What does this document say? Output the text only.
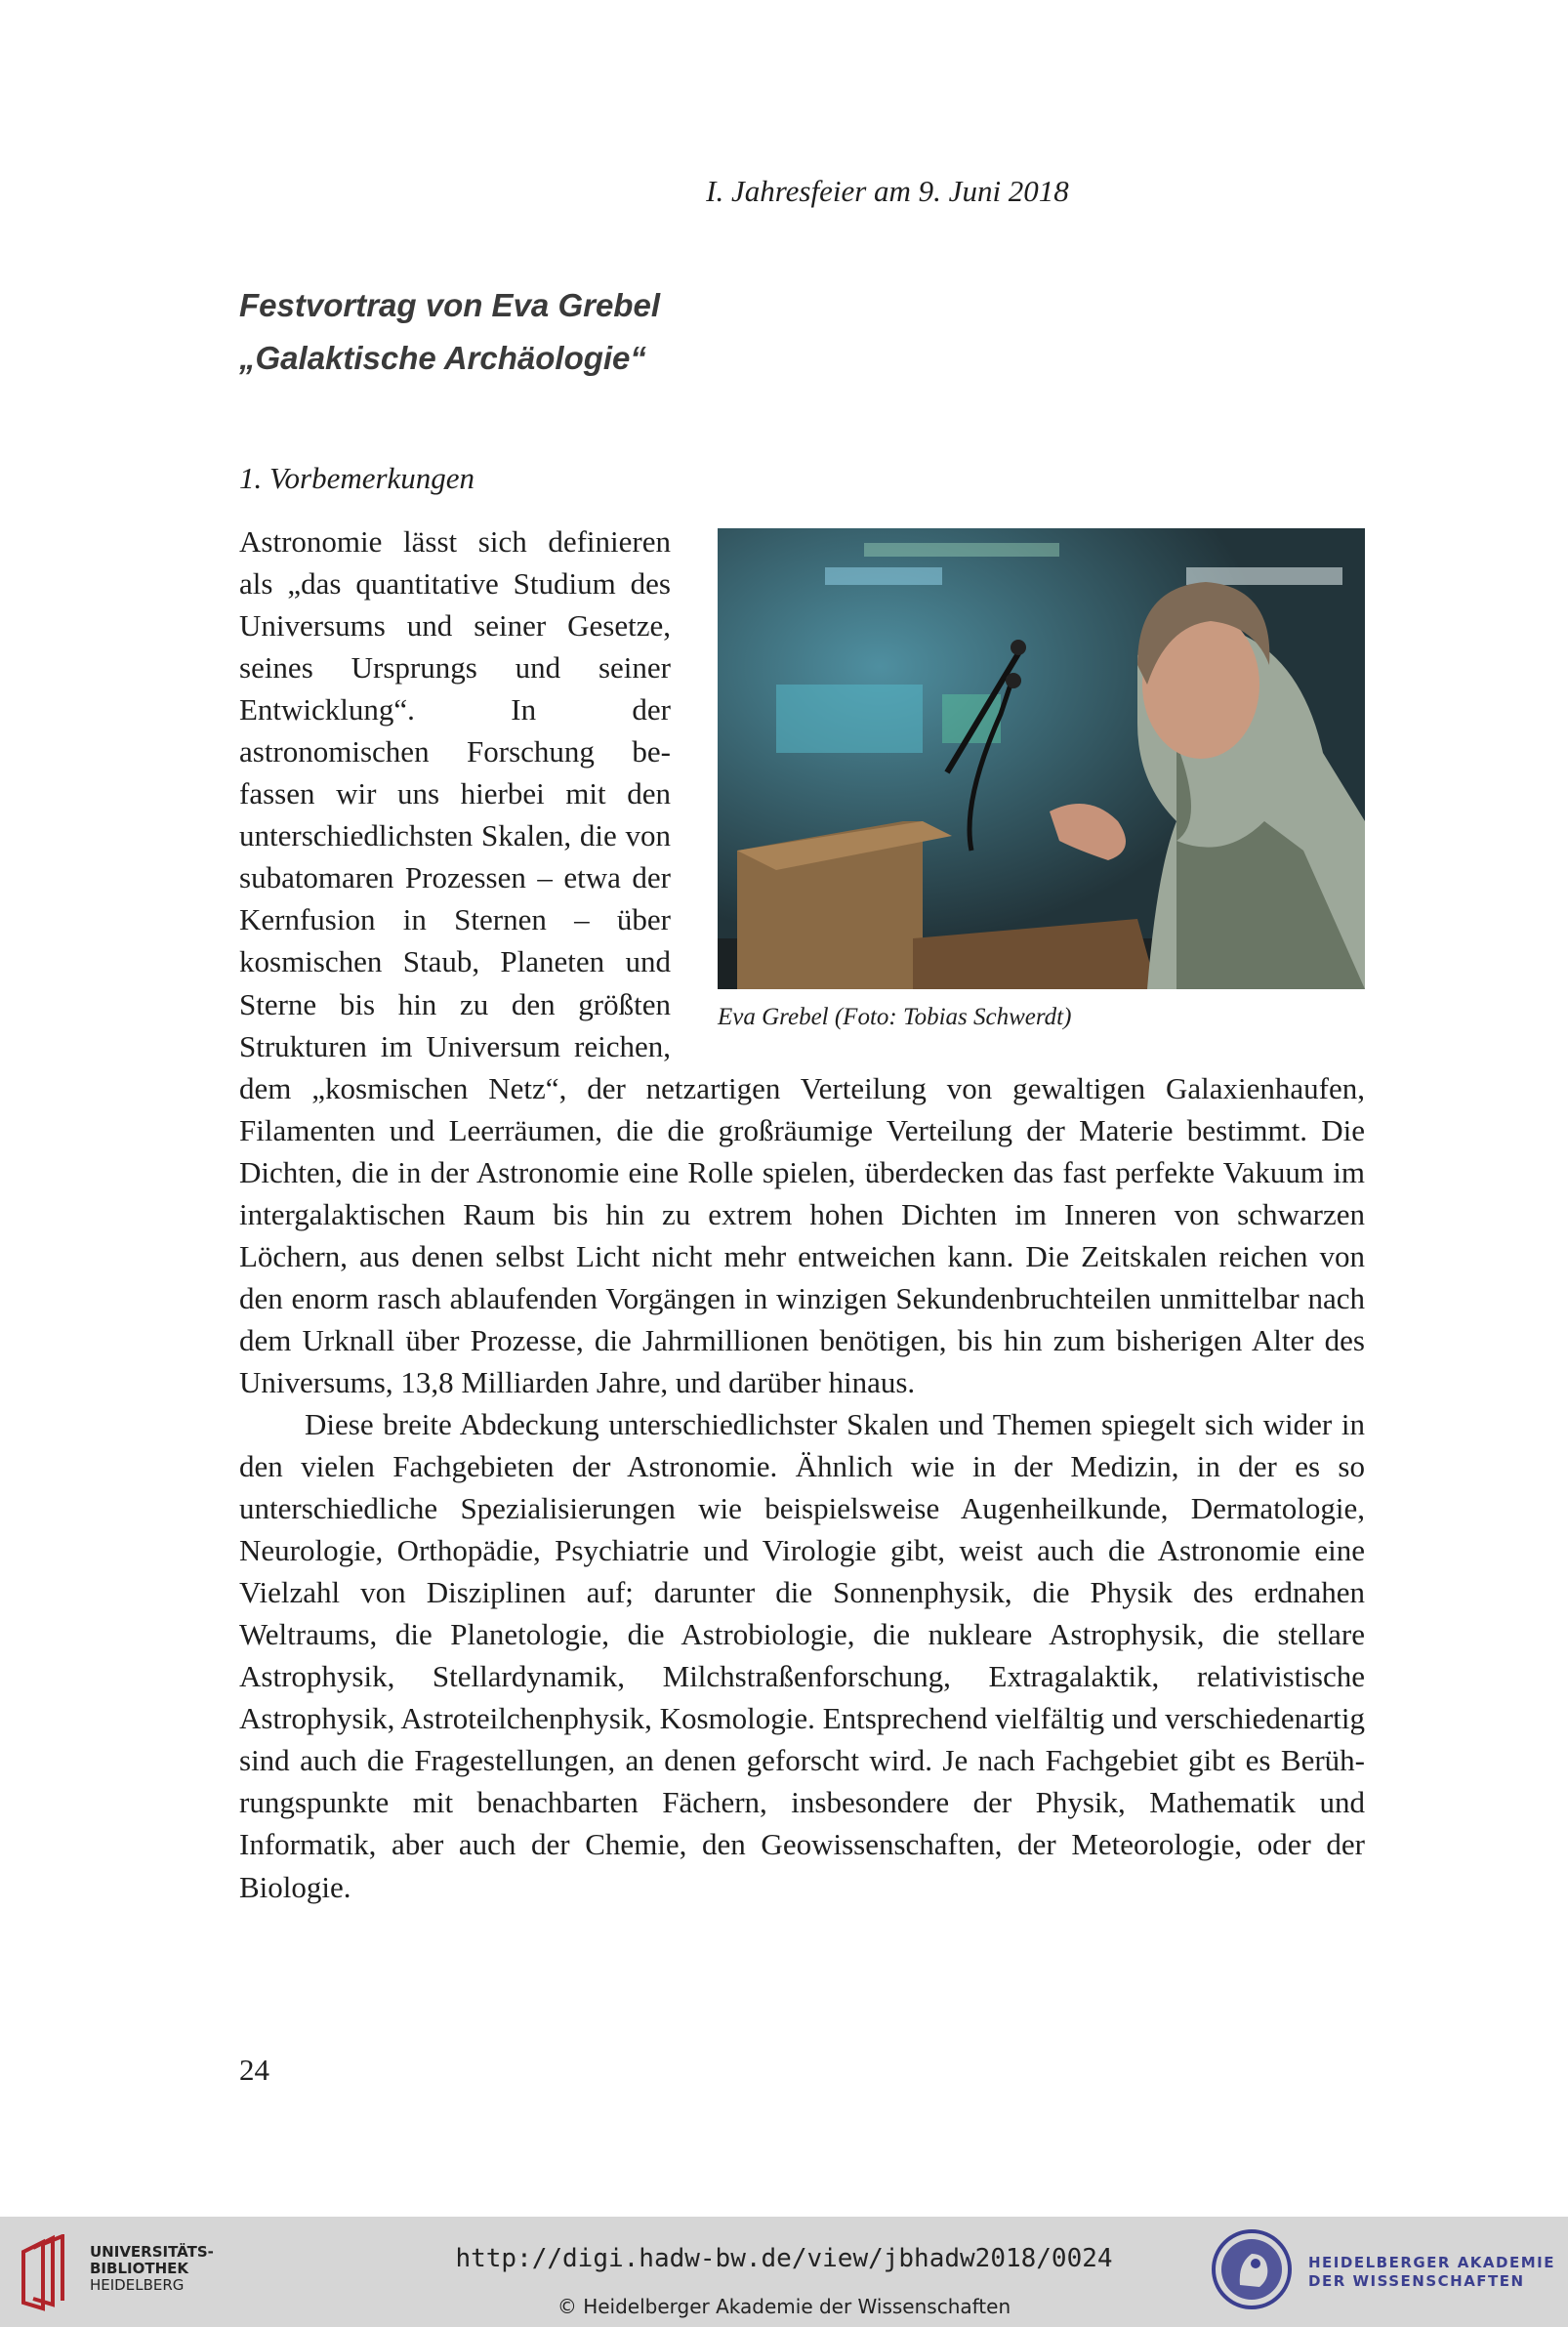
I. Jahresfeier am 9. Juni 2018
Festvortrag von Eva Grebel
„Galaktische Archäologie“
1. Vorbemerkungen
Eva Grebel (Foto: Tobias Schwerdt)

Astronomie lässt sich definieren als „das quantitative Studium des Universums und seiner Gesetze, seines Ursprungs und seiner Entwicklung“. In der astronomischen Forschung befassen wir uns hierbei mit den unterschiedlichsten Skalen, die von subatomaren Prozessen – etwa der Kernfusion in Sternen – über kosmischen Staub, Planeten und Sterne bis hin zu den größten Strukturen im Universum reichen, dem „kosmischen Netz“, der netzartigen Verteilung von gewaltigen Galaxienhaufen, Filamenten und Leerräumen, die die großräumige Verteilung der Materie bestimmt. Die Dichten, die in der Astronomie eine Rolle spielen, überdecken das fast perfekte Vakuum im intergalaktischen Raum bis hin zu extrem hohen Dichten im Inneren von schwarzen Löchern, aus denen selbst Licht nicht mehr entweichen kann. Die Zeitskalen reichen von den enorm rasch ablaufenden Vorgängen in winzigen Sekundenbruchteilen unmittelbar nach dem Urknall über Prozesse, die Jahrmillionen benötigen, bis hin zum bisherigen Alter des Universums, 13,8 Milliarden Jahre, und darüber hinaus.

Diese breite Abdeckung unterschiedlichster Skalen und Themen spiegelt sich wider in den vielen Fachgebieten der Astronomie. Ähnlich wie in der Medizin, in der es so unterschiedliche Spezialisierungen wie beispielsweise Augenheilkunde, Dermatologie, Neurologie, Orthopädie, Psychiatrie und Virologie gibt, weist auch die Astronomie eine Vielzahl von Disziplinen auf; darunter die Sonnenphysik, die Physik des erdnahen Weltraums, die Planetologie, die Astrobiologie, die nukleare Astrophysik, die stellare Astrophysik, Stellardynamik, Milchstraßenforschung, Extragalaktik, relativistische Astrophysik, Astroteilchenphysik, Kosmologie. Entsprechend vielfältig und verschiedenartig sind auch die Fragestellungen, an denen geforscht wird. Je nach Fachgebiet gibt es Berührungspunkte mit benachbarten Fächern, insbesondere der Physik, Mathematik und Informatik, aber auch der Chemie, den Geowissenschaften, der Meteorologie, oder der Biologie.

24
UNIVERSITÄTS-
BIBLIOTHEK
HEIDELBERG
http://digi.hadw-bw.de/view/jbhadw2018/0024
© Heidelberger Akademie der Wissenschaften
HEIDELBERGER AKADEMIE
DER WISSENSCHAFTEN
